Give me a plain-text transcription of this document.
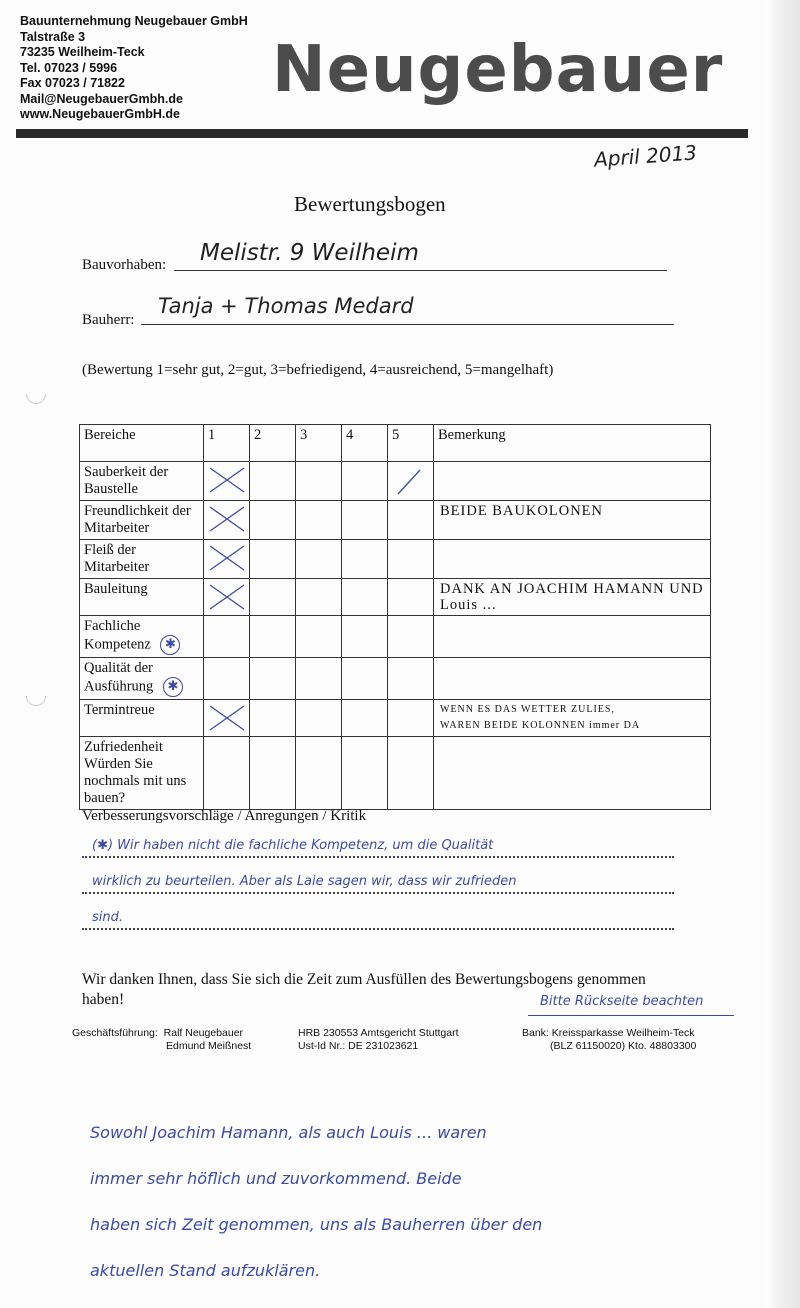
Bauunternehmung Neugebauer GmbH
Talstraße 3
73235 Weilheim-Teck
Tel. 07023 / 5996
Fax 07023 / 71822
Mail@NeugebauerGmbh.de
www.NeugebauerGmbH.de
Neugebauer
April 2013
Bewertungsbogen
Bauvorhaben: Melistr. 9 Weilheim
Bauherr:
Tanja + Thomas Medard
(Bewertung 1=sehr gut, 2=gut, 3=befriedigend, 4=ausreichend, 5=mangelhaft)
Bereiche	1	2	3	4	5	Bemerkung
Sauberkeit der Baustelle	

Freundlichkeit der Mitarbeiter						BEIDE BAUKOLONEN

Fleiß der Mitarbeiter	

Bauleitung						DANK AN JOACHIM HAMANN UND
Louis ...

Fachliche Kompetenz ✱						
Qualität der Ausführung ✱						
Termintreue						WENN ES DAS WETTER ZULIES,
WAREN BEIDE KOLONNEN immer DA

Zufriedenheit Würden Sie nochmals mit uns bauen?						
Verbesserungsvorschläge / Anregungen / Kritik
(✱) Wir haben nicht die fachliche Kompetenz, um die Qualität
wirklich zu beurteilen. Aber als Laie sagen wir, dass wir zufrieden
sind.
Wir danken Ihnen, dass Sie sich die Zeit zum Ausfüllen des Bewertungsbogens genommen haben!	Bitte Rückseite beachten
Geschäftsführung: Ralf Neugebauer
Edmund Meißnest
HRB 230553 Amtsgericht Stuttgart
Ust-Id Nr.: DE 231023621
Bank: Kreissparkasse Weilheim-Teck
(BLZ 61150020) Kto. 48803300
Sowohl Joachim Hamann, als auch Louis ... waren
immer sehr höflich und zuvorkommend. Beide
haben sich Zeit genommen, uns als Bauherren über den
aktuellen Stand aufzuklären.
